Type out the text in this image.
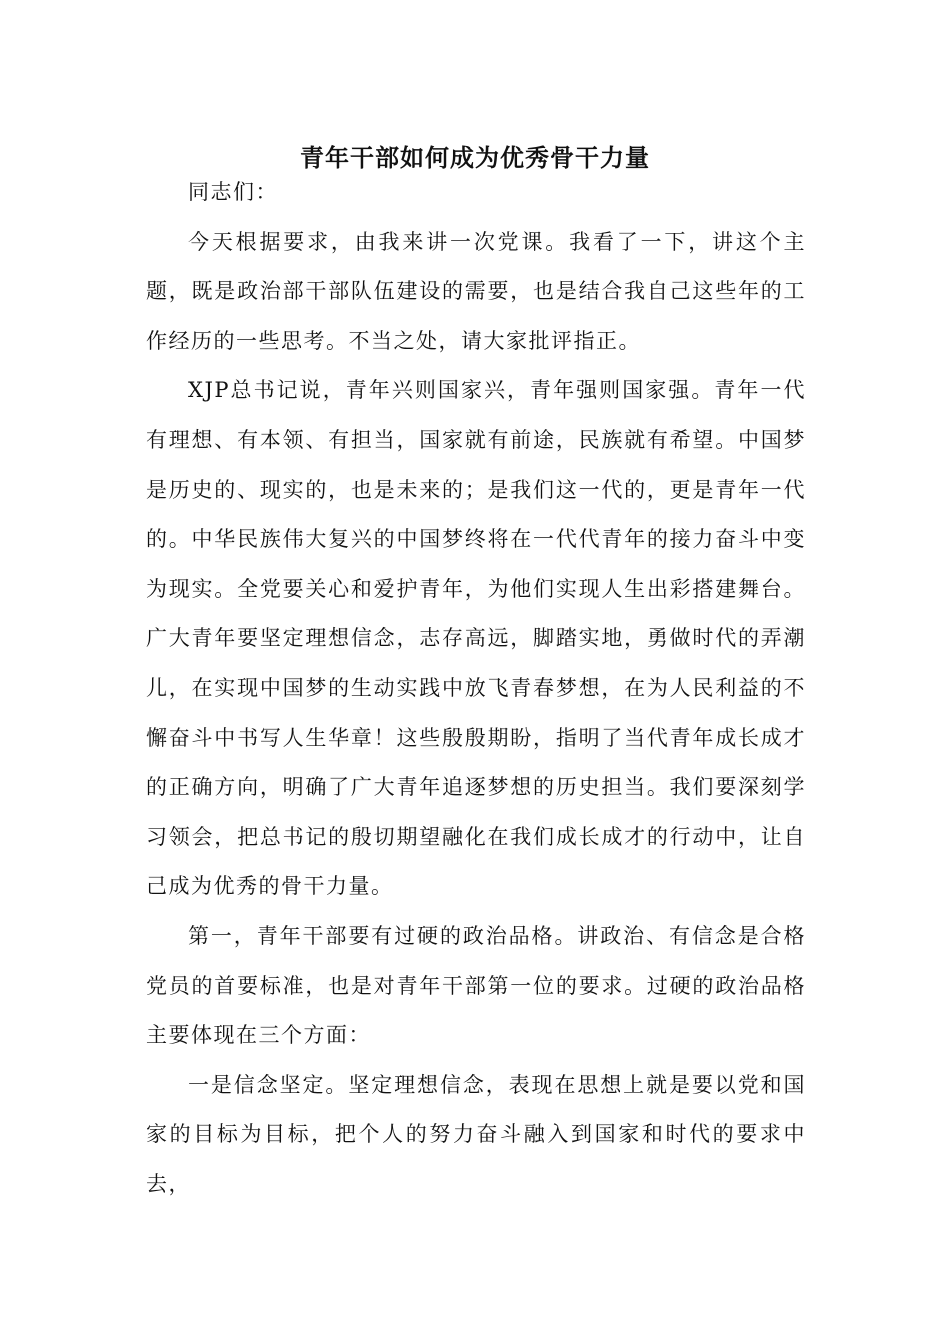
青年干部如何成为优秀骨干力量

同志们：

今天根据要求，由我来讲一次党课。我看了一下，讲这个主题，既是政治部干部队伍建设的需要，也是结合我自己这些年的工作经历的一些思考。不当之处，请大家批评指正。

XJP总书记说，青年兴则国家兴，青年强则国家强。青年一代有理想、有本领、有担当，国家就有前途，民族就有希望。中国梦是历史的、现实的，也是未来的；是我们这一代的，更是青年一代的。中华民族伟大复兴的中国梦终将在一代代青年的接力奋斗中变为现实。全党要关心和爱护青年，为他们实现人生出彩搭建舞台。广大青年要坚定理想信念，志存高远，脚踏实地，勇做时代的弄潮儿，在实现中国梦的生动实践中放飞青春梦想，在为人民利益的不懈奋斗中书写人生华章！这些殷殷期盼，指明了当代青年成长成才的正确方向，明确了广大青年追逐梦想的历史担当。我们要深刻学习领会，把总书记的殷切期望融化在我们成长成才的行动中，让自己成为优秀的骨干力量。

第一，青年干部要有过硬的政治品格。讲政治、有信念是合格党员的首要标准，也是对青年干部第一位的要求。过硬的政治品格主要体现在三个方面：

一是信念坚定。坚定理想信念，表现在思想上就是要以党和国家的目标为目标，把个人的努力奋斗融入到国家和时代的要求中去，
